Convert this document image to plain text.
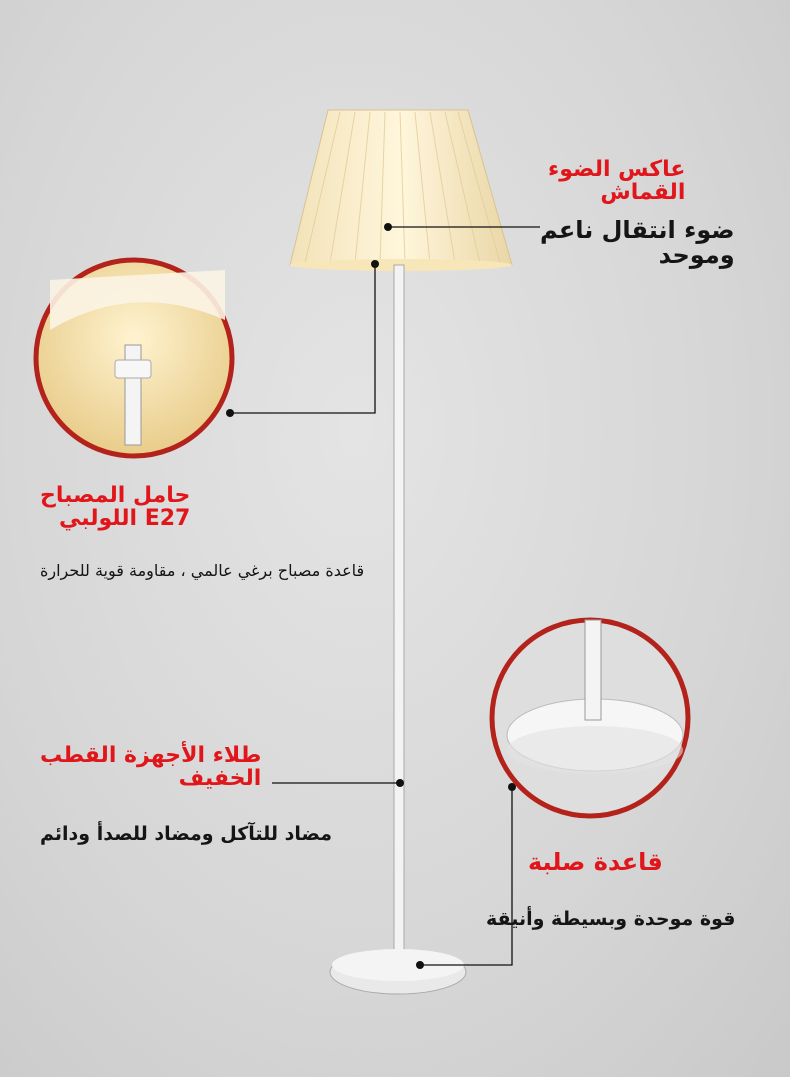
عاكس الضوء
القماش
ضوء انتقال ناعم
وموحد
حامل المصباح
E27 اللولبي
قاعدة مصباح برغي عالمي ، مقاومة قوية للحرارة
طلاء الأجهزة القطب
الخفيف
مضاد للتآكل ومضاد للصدأ ودائم
قاعدة صلبة
قوة موحدة وبسيطة وأنيقة
